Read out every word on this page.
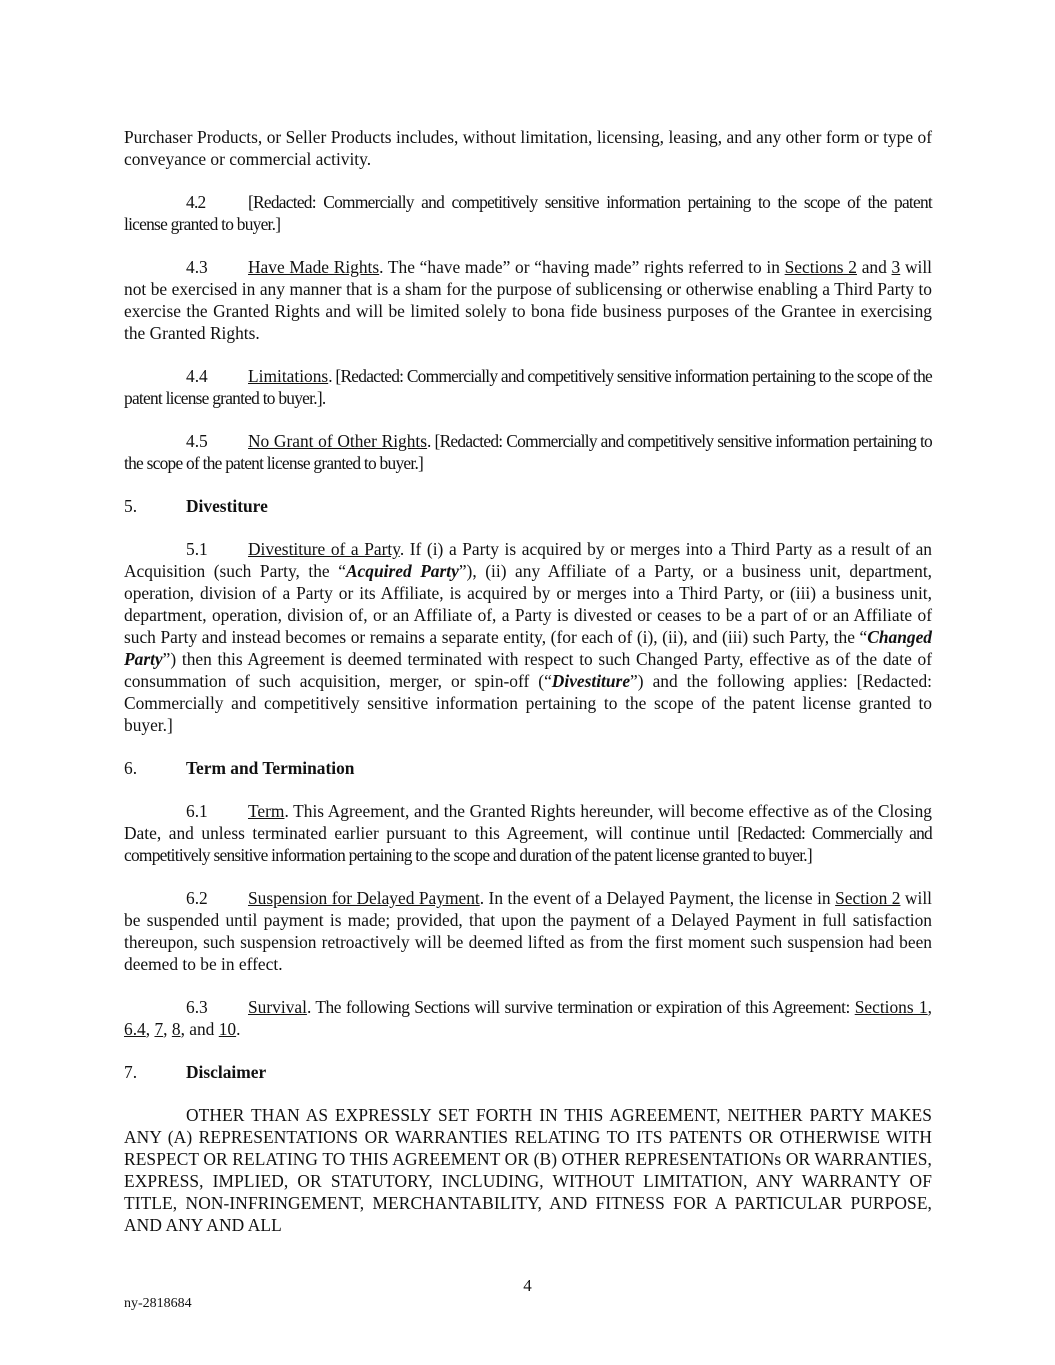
Purchaser Products, or Seller Products includes, without limitation, licensing, leasing, and any other form or type of conveyance or commercial activity.

4.2 [Redacted: Commercially and competitively sensitive information pertaining to the scope of the patent license granted to buyer.]

4.3 Have Made Rights. The “have made” or “having made” rights referred to in Sections 2 and 3 will not be exercised in any manner that is a sham for the purpose of sublicensing or otherwise enabling a Third Party to exercise the Granted Rights and will be limited solely to bona fide business purposes of the Grantee in exercising the Granted Rights.

4.4 Limitations. [Redacted: Commercially and competitively sensitive information pertaining to the scope of the patent license granted to buyer.].

4.5 No Grant of Other Rights. [Redacted: Commercially and competitively sensitive information pertaining to the scope of the patent license granted to buyer.]

5.	Divestiture

5.1 Divestiture of a Party. If (i) a Party is acquired by or merges into a Third Party as a result of an Acquisition (such Party, the “Acquired Party”), (ii) any Affiliate of a Party, or a business unit, department, operation, division of a Party or its Affiliate, is acquired by or merges into a Third Party, or (iii) a business unit, department, operation, division of, or an Affiliate of, a Party is divested or ceases to be a part of or an Affiliate of such Party and instead becomes or remains a separate entity, (for each of (i), (ii), and (iii) such Party, the “Changed Party”) then this Agreement is deemed terminated with respect to such Changed Party, effective as of the date of consummation of such acquisition, merger, or spin-off (“Divestiture”) and the following applies: [Redacted: Commercially and competitively sensitive information pertaining to the scope of the patent license granted to buyer.]

6.	Term and Termination

6.1 Term. This Agreement, and the Granted Rights hereunder, will become effective as of the Closing Date, and unless terminated earlier pursuant to this Agreement, will continue until [Redacted: Commercially and competitively sensitive information pertaining to the scope and duration of the patent license granted to buyer.]

6.2 Suspension for Delayed Payment. In the event of a Delayed Payment, the license in Section 2 will be suspended until payment is made; provided, that upon the payment of a Delayed Payment in full satisfaction thereupon, such suspension retroactively will be deemed lifted as from the first moment such suspension had been deemed to be in effect.

6.3 Survival. The following Sections will survive termination or expiration of this Agreement: Sections 1, 6.4, 7, 8, and 10.

7.	Disclaimer

OTHER THAN AS EXPRESSLY SET FORTH IN THIS AGREEMENT, NEITHER PARTY MAKES ANY (A) REPRESENTATIONS OR WARRANTIES RELATING TO ITS PATENTS OR OTHERWISE WITH RESPECT OR RELATING TO THIS AGREEMENT OR (B) OTHER REPRESENTATIONs OR WARRANTIES, EXPRESS, IMPLIED, OR STATUTORY, INCLUDING, WITHOUT LIMITATION, ANY WARRANTY OF TITLE, NON-INFRINGEMENT, MERCHANTABILITY, AND FITNESS FOR A PARTICULAR PURPOSE, AND ANY AND ALL

4
ny-2818684
